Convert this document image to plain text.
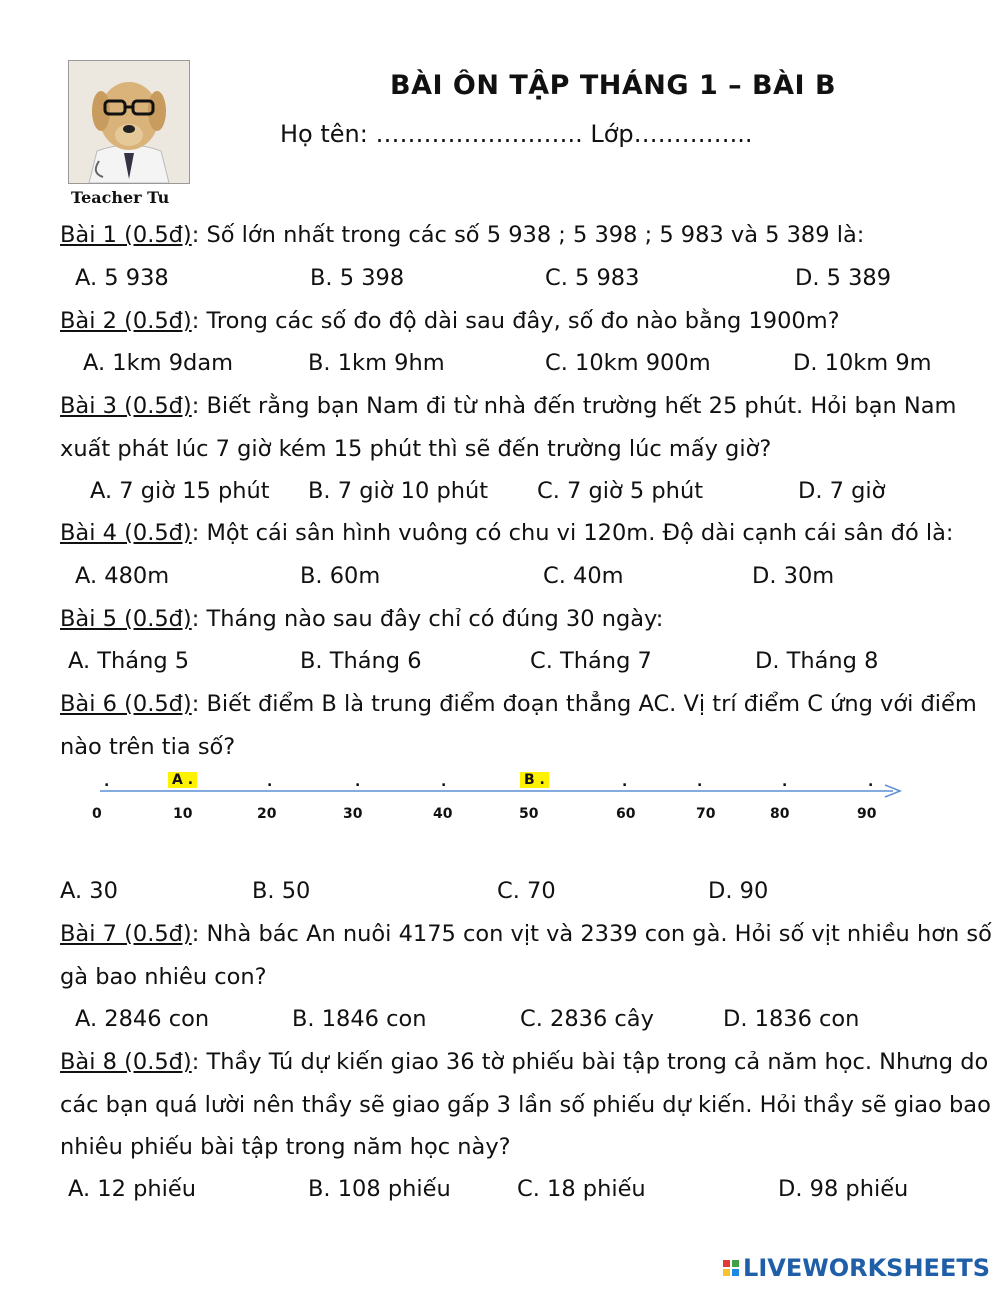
Teacher Tu
BÀI ÔN TẬP THÁNG 1 – BÀI B
Họ tên: …………………….. Lớp…………...
Bài 1 (0.5đ): Số lớn nhất trong các số 5 938 ; 5 398 ; 5 983 và 5 389 là:
A. 5 938	B. 5 398	C. 5 983	D. 5 389
Bài 2 (0.5đ): Trong các số đo độ dài sau đây, số đo nào bằng 1900m?
A. 1km 9dam	B. 1km 9hm	C. 10km 900m	D. 10km 9m
Bài 3 (0.5đ): Biết rằng bạn Nam đi từ nhà đến trường hết 25 phút. Hỏi bạn Nam
xuất phát lúc 7 giờ kém 15 phút thì sẽ đến trường lúc mấy giờ?
A. 7 giờ 15 phút B. 7 giờ 10 phút C. 7 giờ 5 phút	D. 7 giờ
Bài 4 (0.5đ): Một cái sân hình vuông có chu vi 120m. Độ dài cạnh cái sân đó là:
A. 480m	B. 60m	C. 40m	D. 30m
Bài 5 (0.5đ): Tháng nào sau đây chỉ có đúng 30 ngày:
A. Tháng 5	B. Tháng 6	C. Tháng 7	D. Tháng 8
Bài 6 (0.5đ): Biết điểm B là trung điểm đoạn thẳng AC. Vị trí điểm C ứng với điểm
nào trên tia số?
.	A .	.	.	.	B .	.	.	.	.
0	10	20	30	40	50	60	70	80	90
A. 30	B. 50	C. 70	D. 90
Bài 7 (0.5đ): Nhà bác An nuôi 4175 con vịt và 2339 con gà. Hỏi số vịt nhiều hơn số
gà bao nhiêu con?
A. 2846 con	B. 1846 con	C. 2836 cây	D. 1836 con
Bài 8 (0.5đ): Thầy Tú dự kiến giao 36 tờ phiếu bài tập trong cả năm học. Nhưng do
các bạn quá lười nên thầy sẽ giao gấp 3 lần số phiếu dự kiến. Hỏi thầy sẽ giao bao
nhiêu phiếu bài tập trong năm học này?
A. 12 phiếu	B. 108 phiếu	C. 18 phiếu	D. 98 phiếu
LIVEWORKSHEETS
